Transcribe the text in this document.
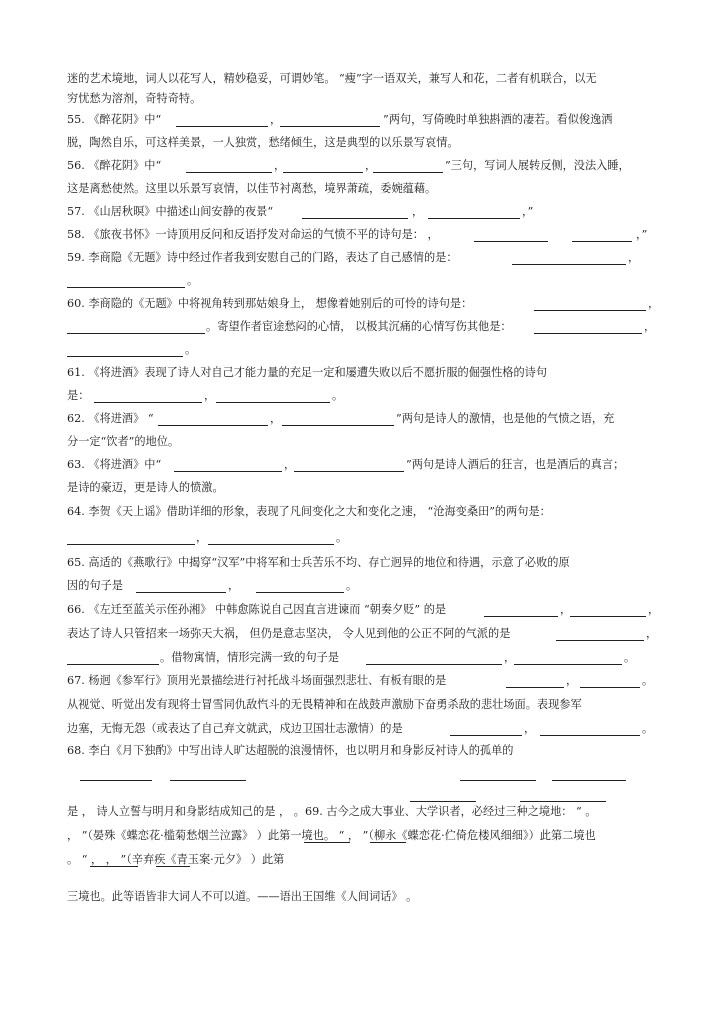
迷的艺术境地，词人以花写人，精妙稳妥，可谓妙笔。 “瘦”字一语双关，兼写人和花，二者有机联合，以无
穷忧愁为溶剂，奇特奇特。
55. 《醉花阴》中“	，	”两句，写倚晚时单独斟酒的凄若。看似俊逸洒
脱，陶然自乐，可这样美景，一人独赏，愁绪倾生，这是典型的以乐景写哀情。
56. 《醉花阴》中“	，	，	”三句，写词人展转反侧，没法入睡，
这是离愁使然。这里以乐景写哀情，以佳节衬离愁，境界萧疏，委婉蕴藉。
57. 《山居秋暝》中描述山间安静的夜景“	，	，”
58. 《旅夜书怀》一诗顶用反问和反语抒发对命运的气愤不平的诗句是： ，	，”
59. 李商隐《无题》诗中经过作者我到安慰自己的门路，表达了自己感情的是：	，
。
60. 李商隐的《无题》中将视角转到那姑娘身上， 想像着她别后的可怜的诗句是：	，
。寄望作者宦途愁闷的心情， 以极其沉痛的心情写伤其他是：	，
。
61. 《将进酒》表现了诗人对自己才能力量的充足一定和屡遭失败以后不愿折服的倔强性格的诗句
是：	，	。
62. 《将进酒》 “	，	”两句是诗人的激情，也是他的气愤之语，充
分一定“饮者”的地位。
63. 《将进酒》中“	，	”两句是诗人酒后的狂言，也是酒后的真言；
是诗的豪迈，更是诗人的愤激。
64. 李贺《天上谣》借助详细的形象，表现了凡间变化之大和变化之速， “沧海变桑田”的两句是：
，	。
65. 高适的《燕歌行》中揭穿“汉军”中将军和士兵苦乐不均、存亡迥异的地位和待遇，示意了必败的原
因的句子是	，	。
66. 《左迁至蓝关示侄孙湘》 中韩愈陈说自己因直言进谏而 “朝奏夕贬” 的是	，	，
表达了诗人只管招来一场弥天大祸， 但仍是意志坚决， 令人见到他的公正不阿的气派的是	，
。借物寓情，情形完满一致的句子是	，	。
67. 杨迥《参军行》顶用光景描绘进行衬托战斗场面强烈悲壮、有板有眼的是	，	。
从视觉、听觉出发有现将士冒雪同仇敌忾斗的无畏精神和在战鼓声激励下奋勇杀敌的悲壮场面。表现参军
边塞，无悔无怨（或表达了自己弃文就武，戍边卫国壮志激情）的是	，	。
68. 李白《月下独酌》中写出诗人旷达超脱的浪漫情怀，也以明月和身影反衬诗人的孤单的
是 ， 诗人立誓与明月和身影结成知己的是 ， 。69. 古今之成大事业、大学识者，必经过三种之境地： “ 。
， ”（晏殊《蝶恋花·槛菊愁烟兰泣露》 ）此第一境也。 “ ， ”（柳永《蝶恋花·伫倚危楼风细细》）此第二境也
。 “ ， ， ”（辛弃疾《青玉案·元夕》 ）此第
三境也。此等语皆非大词人不可以道。——语出王国维《人间词话》 。
